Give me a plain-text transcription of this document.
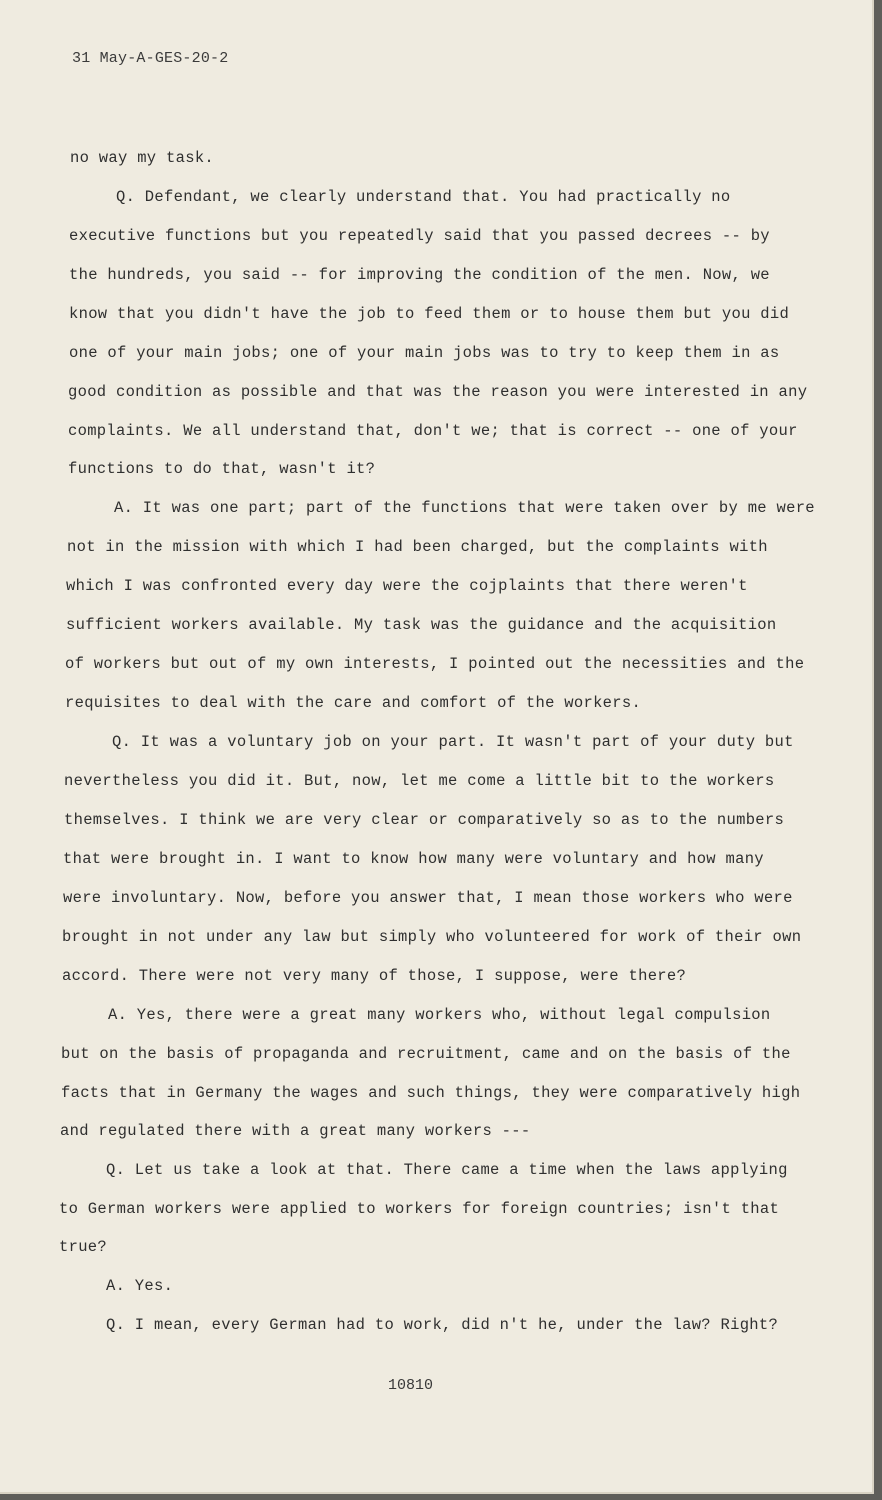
31 May-A-GES-20-2
no way my task.
Q. Defendant, we clearly understand that. You had practically no
executive functions but you repeatedly said that you passed decrees -- by
the hundreds, you said -- for improving the condition of the men. Now, we
know that you didn't have the job to feed them or to house them but you did
one of your main jobs; one of your main jobs was to try to keep them in as
good condition as possible and that was the reason you were interested in any
complaints. We all understand that, don't we; that is correct -- one of your
functions to do that, wasn't it?
A. It was one part; part of the functions that were taken over by me were
not in the mission with which I had been charged, but the complaints with
which I was confronted every day were the cojplaints that there weren't
sufficient workers available. My task was the guidance and the acquisition
of workers but out of my own interests, I pointed out the necessities and the
requisites to deal with the care and comfort of the workers.
Q. It was a voluntary job on your part. It wasn't part of your duty but
nevertheless you did it. But, now, let me come a little bit to the workers
themselves. I think we are very clear or comparatively so as to the numbers
that were brought in. I want to know how many were voluntary and how many
were involuntary. Now, before you answer that, I mean those workers who were
brought in not under any law but simply who volunteered for work of their own
accord. There were not very many of those, I suppose, were there?
A. Yes, there were a great many workers who, without legal compulsion
but on the basis of propaganda and recruitment, came and on the basis of the
facts that in Germany the wages and such things, they were comparatively high
and regulated there with a great many workers ---
Q. Let us take a look at that. There came a time when the laws applying
to German workers were applied to workers for foreign countries; isn't that
true?
A. Yes.
Q. I mean, every German had to work, did n't he, under the law? Right?
10810
